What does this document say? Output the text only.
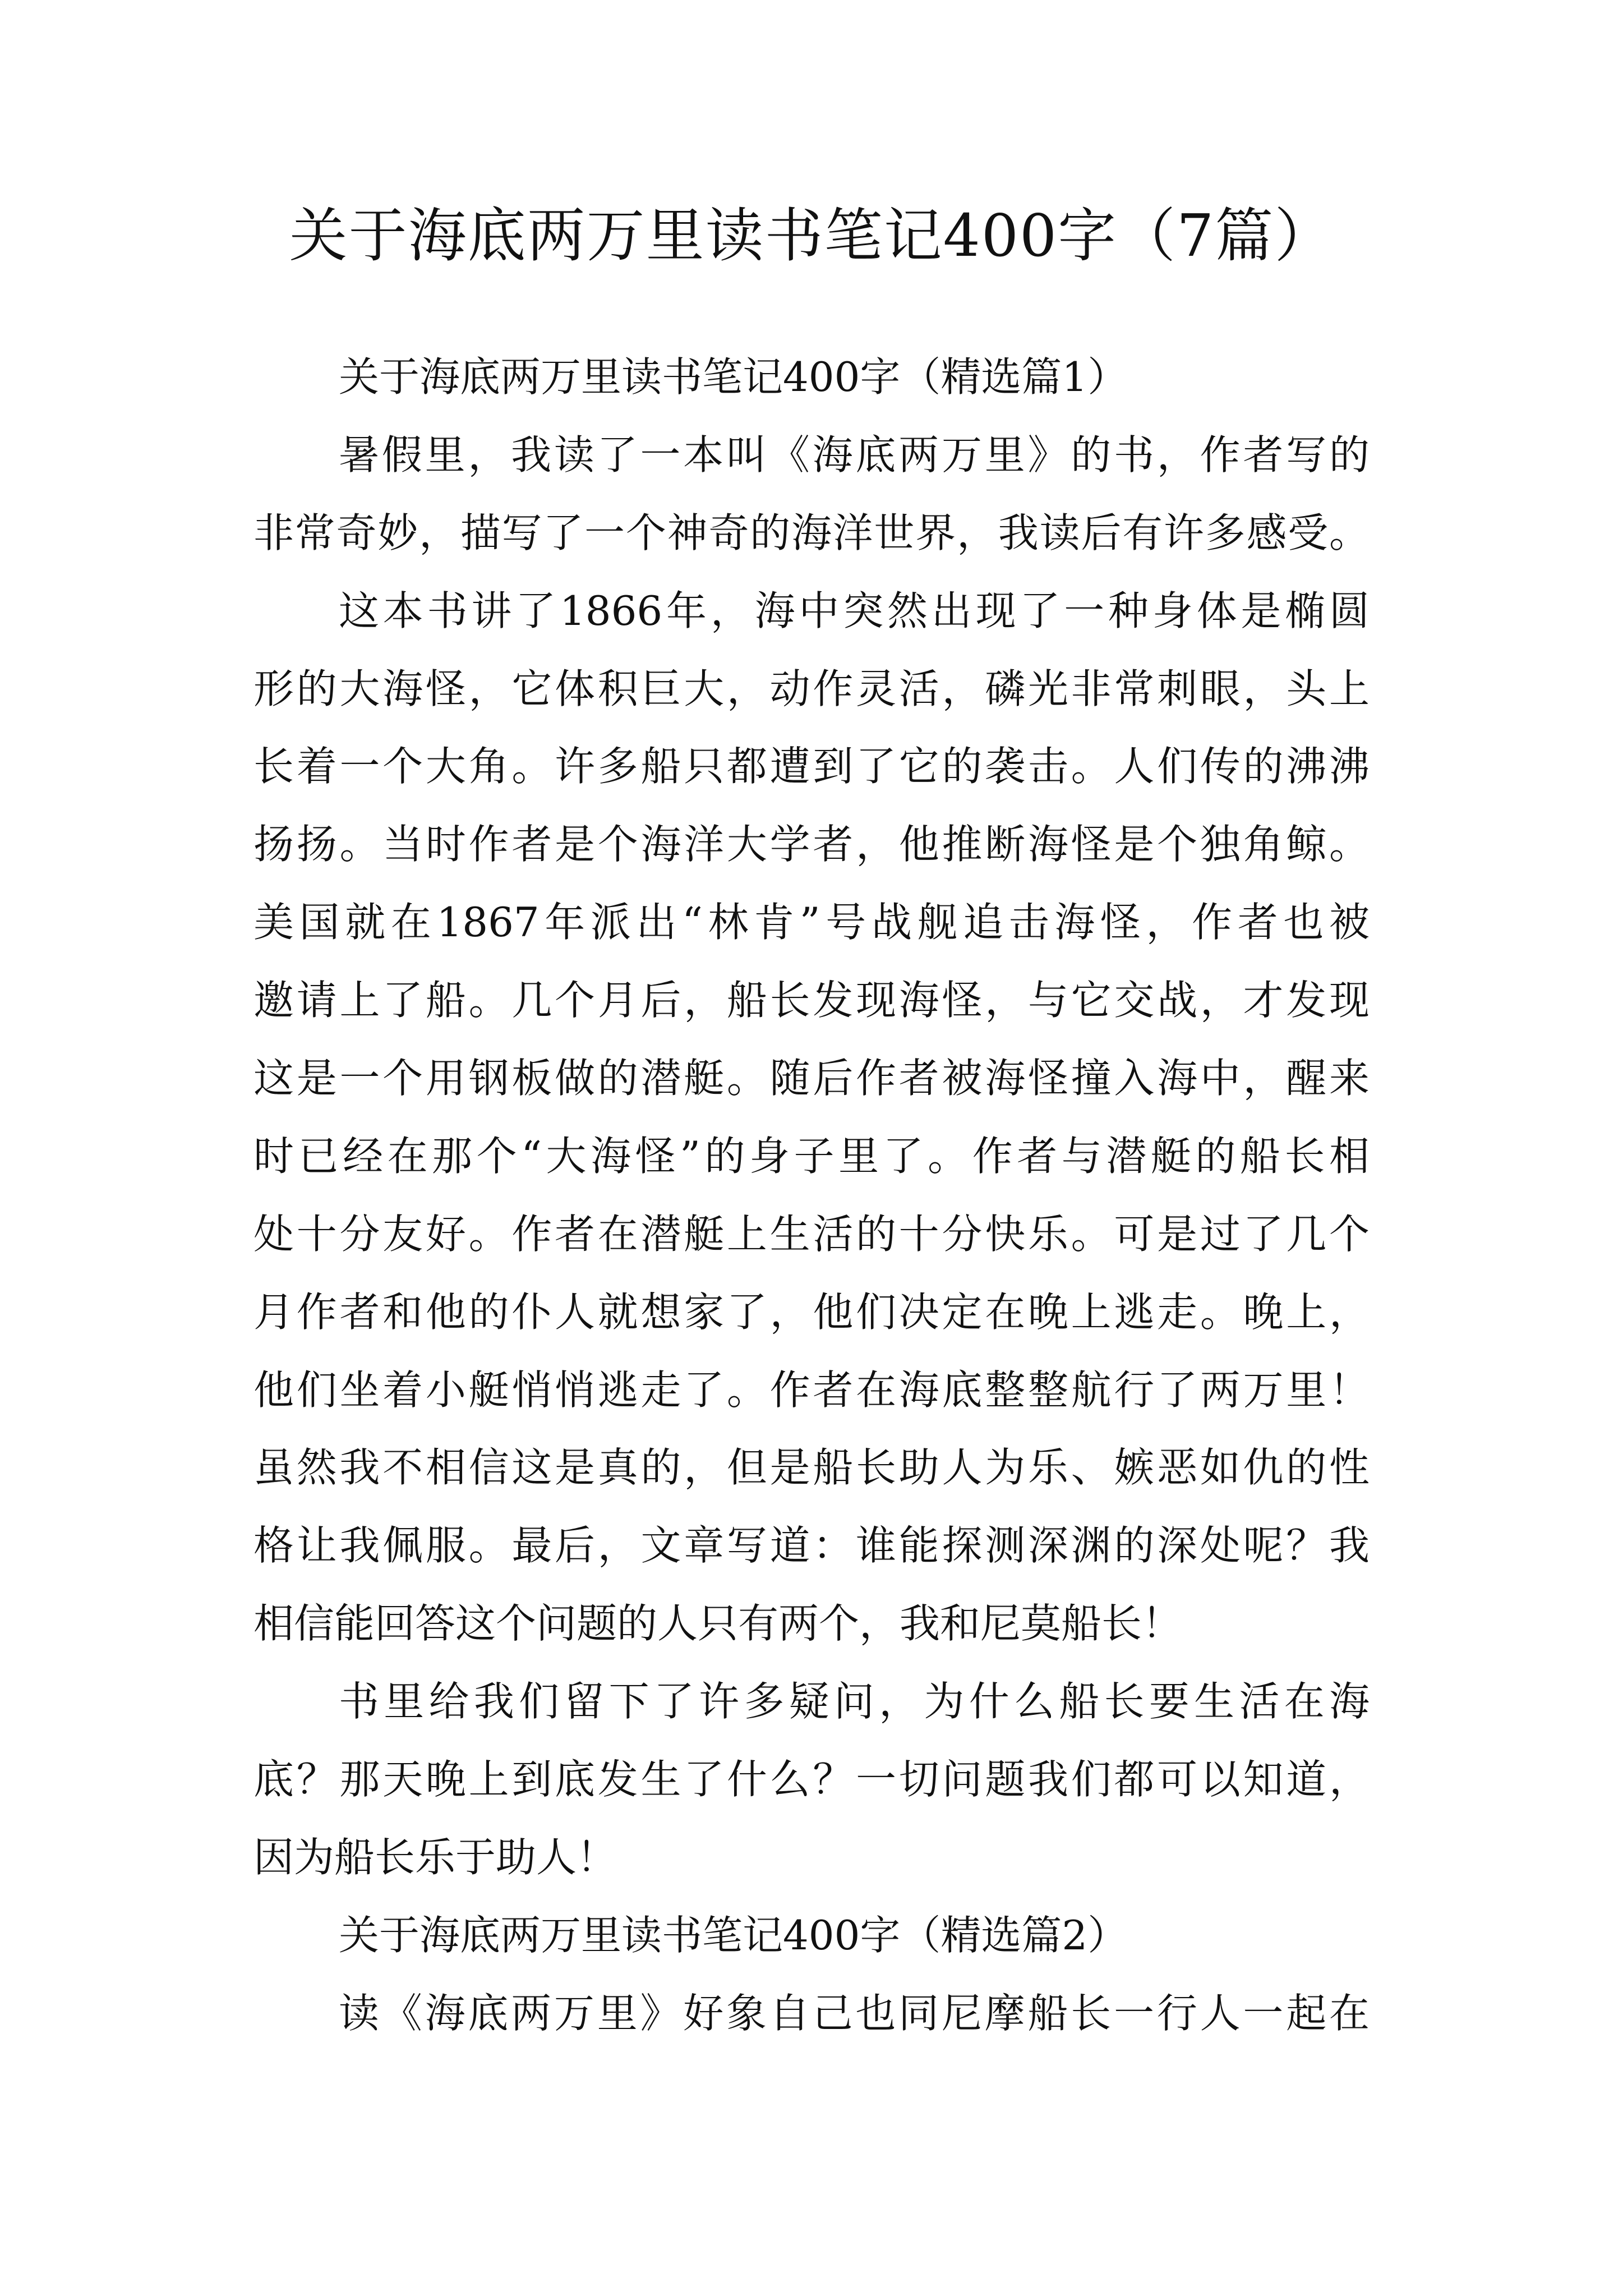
关于海底两万里读书笔记400字（7篇）
关于海底两万里读书笔记400字（精选篇1）
暑假里，我读了一本叫《海底两万里》的书，作者写的
非常奇妙，描写了一个神奇的海洋世界，我读后有许多感受。
这本书讲了1866年，海中突然出现了一种身体是椭圆
形的大海怪，它体积巨大，动作灵活，磷光非常刺眼，头上
长着一个大角。许多船只都遭到了它的袭击。人们传的沸沸
扬扬。当时作者是个海洋大学者，他推断海怪是个独角鲸。
美国就在1867年派出“林肯”号战舰追击海怪，作者也被
邀请上了船。几个月后，船长发现海怪，与它交战，才发现
这是一个用钢板做的潜艇。随后作者被海怪撞入海中，醒来
时已经在那个“大海怪”的身子里了。作者与潜艇的船长相
处十分友好。作者在潜艇上生活的十分快乐。可是过了几个
月作者和他的仆人就想家了，他们决定在晚上逃走。晚上，
他们坐着小艇悄悄逃走了。作者在海底整整航行了两万里！
虽然我不相信这是真的，但是船长助人为乐、嫉恶如仇的性
格让我佩服。最后，文章写道：谁能探测深渊的深处呢？我
相信能回答这个问题的人只有两个，我和尼莫船长！
书里给我们留下了许多疑问，为什么船长要生活在海
底？那天晚上到底发生了什么？一切问题我们都可以知道，
因为船长乐于助人！
关于海底两万里读书笔记400字（精选篇2）
读《海底两万里》好象自己也同尼摩船长一行人一起在
